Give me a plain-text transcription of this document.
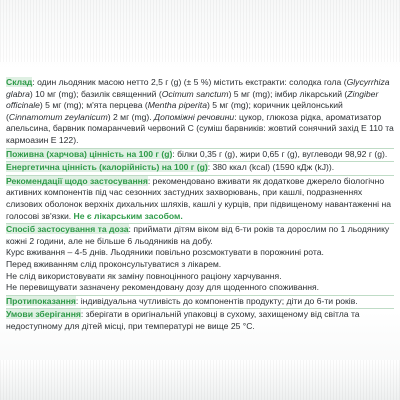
Склад: один льодяник масою нетто 2,5 г (g) (± 5 %) містить екстракти: солодка гола (Glycyrrhiza glabra) 10 мг (mg); базилік священний (Ocimum sanctum) 5 мг (mg); імбир лікарський (Zingiber officinale) 5 мг (mg); м'ята перцева (Mentha piperita) 5 мг (mg); коричник цейлонський (Cinnamomum zeylanicum) 2 мг (mg). Допоміжні речовини: цукор, глюкоза рідка, ароматизатор апельсина, барвник помаранчевий червоний С (суміш барвників: жовтий сонячний захід Е 110 та кармоазин Е 122).

Поживна (харчова) цінність на 100 г (g): білки 0,35 г (g), жири 0,65 г (g), вуглеводи 98,92 г (g).

Енергетична цінність (калорійність) на 100 г (g): 380 ккал (kcal) (1590 кДж (kJ)).

Рекомендації щодо застосування: рекомендовано вживати як додаткове джерело біологічно активних компонентів під час сезонних застудних захворювань, при кашлі, подразненнях слизових оболонок верхніх дихальних шляхів, кашлі у курців, при підвищеному навантаженні на голосові зв'язки. Не є лікарським засобом.

Спосіб застосування та доза: приймати дітям віком від 6-ти років та дорослим по 1 льодянику кожні 2 години, але не більше 6 льодяників на добу.

Курс вживання – 4-5 днів. Льодяники повільно розсмоктувати в порожнині рота.

Перед вживанням слід проконсультуватися з лікарем.

Не слід використовувати як заміну повноцінного раціону харчування.

Не перевищувати зазначену рекомендовану дозу для щоденного споживання.

Протипоказання: індивідуальна чутливість до компонентів продукту; діти до 6-ти років.

Умови зберігання: зберігати в оригінальній упаковці в сухому, захищеному від світла та недоступному для дітей місці, при температурі не вище 25 °С.
